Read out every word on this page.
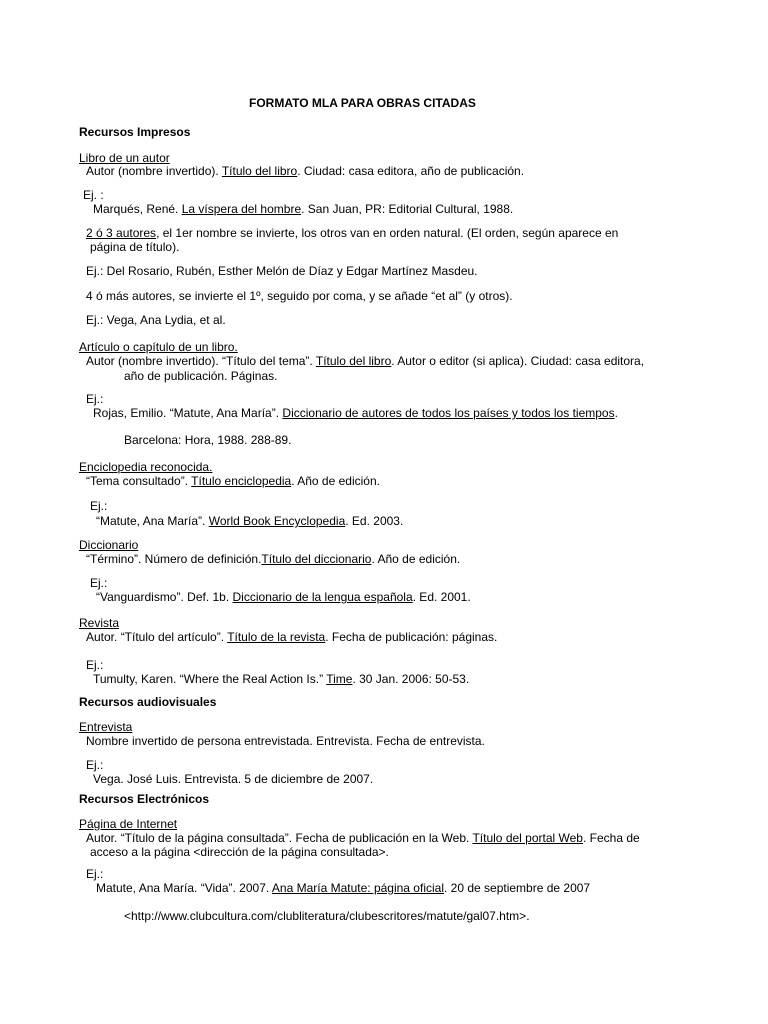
FORMATO MLA PARA OBRAS CITADAS
Recursos Impresos
Libro de un autor
Autor (nombre invertido). Título del libro. Ciudad: casa editora, año de publicación.
Ej. :
Marqués, René. La víspera del hombre. San Juan, PR: Editorial Cultural, 1988.
2 ó 3 autores, el 1er nombre se invierte, los otros van en orden natural. (El orden, según aparece en
página de título).
Ej.: Del Rosario, Rubén, Esther Melón de Díaz y Edgar Martínez Masdeu.
4 ó más autores, se invierte el 1º, seguido por coma, y se añade “et al” (y otros).
Ej.: Vega, Ana Lydia, et al.
Artículo o capítulo de un libro.
Autor (nombre invertido). “Título del tema”. Título del libro. Autor o editor (si aplica). Ciudad: casa editora,
año de publicación. Páginas.
Ej.:
Rojas, Emilio. “Matute, Ana María”. Diccionario de autores de todos los países y todos los tiempos.
Barcelona: Hora, 1988. 288-89.
Enciclopedia reconocida.
“Tema consultado”. Título enciclopedia. Año de edición.
Ej.:
“Matute, Ana María”. World Book Encyclopedia. Ed. 2003.
Diccionario
“Término”. Número de definición.Título del diccionario. Año de edición.
Ej.:
“Vanguardismo”. Def. 1b. Diccionario de la lengua española. Ed. 2001.
Revista
Autor. “Título del artículo”. Título de la revista. Fecha de publicación: páginas.
Ej.:
Tumulty, Karen. “Where the Real Action Is.” Time. 30 Jan. 2006: 50-53.
Recursos audiovisuales
Entrevista
Nombre invertido de persona entrevistada. Entrevista. Fecha de entrevista.
Ej.:
Vega. José Luis. Entrevista. 5 de diciembre de 2007.
Recursos Electrónicos
Página de Internet
Autor. “Título de la página consultada”. Fecha de publicación en la Web. Título del portal Web. Fecha de
acceso a la página <dirección de la página consultada>.
Ej.:
Matute, Ana María. “Vida”. 2007. Ana María Matute: página oficial. 20 de septiembre de 2007
<http://www.clubcultura.com/clubliteratura/clubescritores/matute/gal07.htm>.
